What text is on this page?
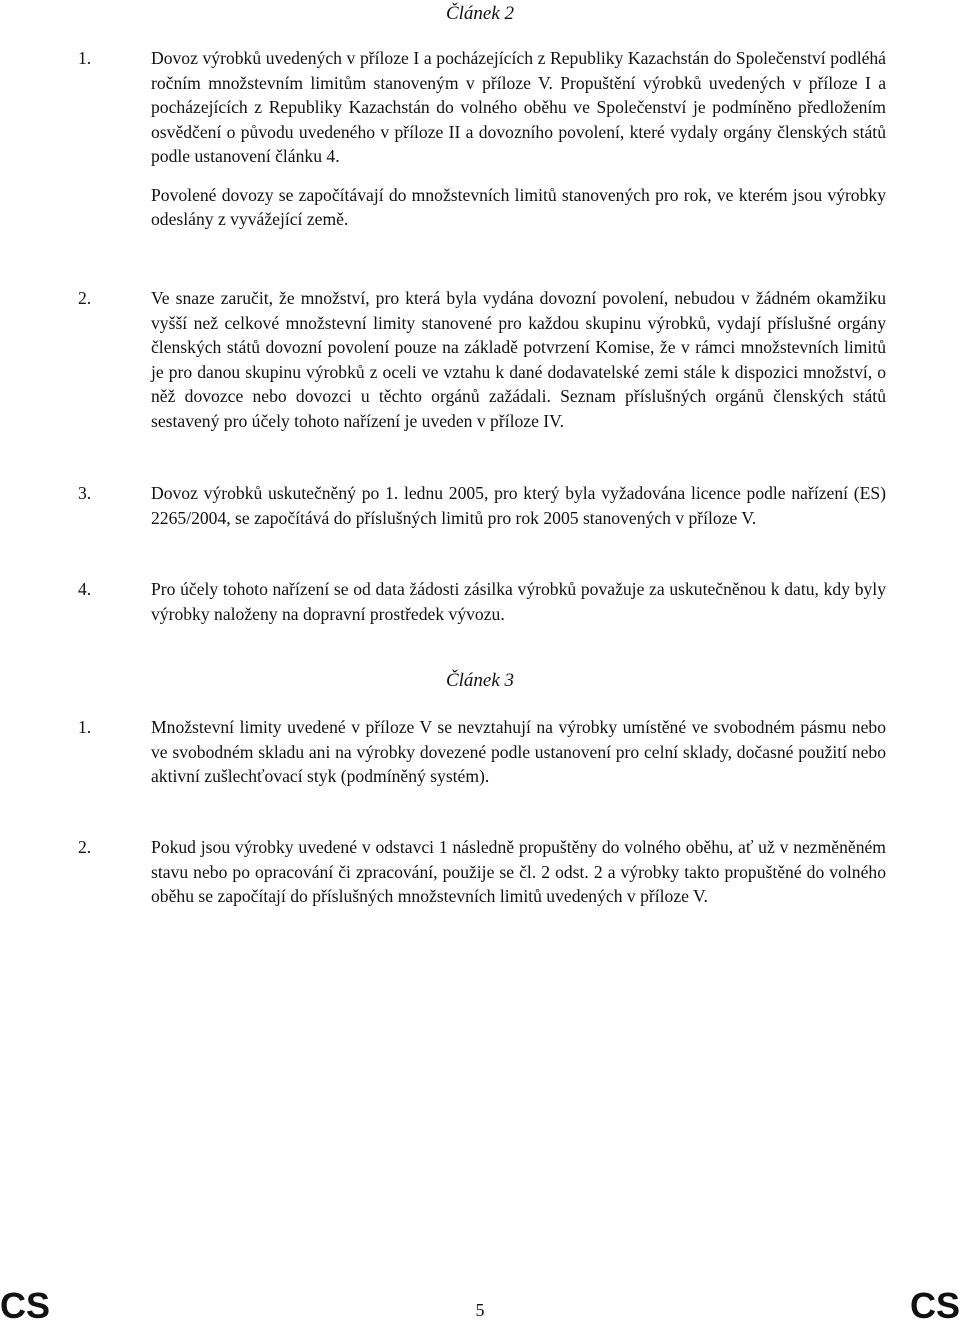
Článek 2
1.	Dovoz výrobků uvedených v příloze I a pocházejících z Republiky Kazachstán do Společenství podléhá ročním množstevním limitům stanoveným v příloze V. Propuštění výrobků uvedených v příloze I a pocházejících z Republiky Kazachstán do volného oběhu ve Společenství je podmíněno předložením osvědčení o původu uvedeného v příloze II a dovozního povolení, které vydaly orgány členských států podle ustanovení článku 4.

Povolené dovozy se započítávají do množstevních limitů stanovených pro rok, ve kterém jsou výrobky odeslány z vyvážející země.

2.	Ve snaze zaručit, že množství, pro která byla vydána dovozní povolení, nebudou v žádném okamžiku vyšší než celkové množstevní limity stanovené pro každou skupinu výrobků, vydají příslušné orgány členských států dovozní povolení pouze na základě potvrzení Komise, že v rámci množstevních limitů je pro danou skupinu výrobků z oceli ve vztahu k dané dodavatelské zemi stále k dispozici množství, o něž dovozce nebo dovozci u těchto orgánů zažádali. Seznam příslušných orgánů členských států sestavený pro účely tohoto nařízení je uveden v příloze IV.

3.	Dovoz výrobků uskutečněný po 1. lednu 2005, pro který byla vyžadována licence podle nařízení (ES) 2265/2004, se započítává do příslušných limitů pro rok 2005 stanovených v příloze V.

4.	Pro účely tohoto nařízení se od data žádosti zásilka výrobků považuje za uskutečněnou k datu, kdy byly výrobky naloženy na dopravní prostředek vývozu.

Článek 3
1.	Množstevní limity uvedené v příloze V se nevztahují na výrobky umístěné ve svobodném pásmu nebo ve svobodném skladu ani na výrobky dovezené podle ustanovení pro celní sklady, dočasné použití nebo aktivní zušlechťovací styk (podmíněný systém).

2.	Pokud jsou výrobky uvedené v odstavci 1 následně propuštěny do volného oběhu, ať už v nezměněném stavu nebo po opracování či zpracování, použije se čl. 2 odst. 2 a výrobky takto propuštěné do volného oběhu se započítají do příslušných množstevních limitů uvedených v příloze V.

CS	5	CS
